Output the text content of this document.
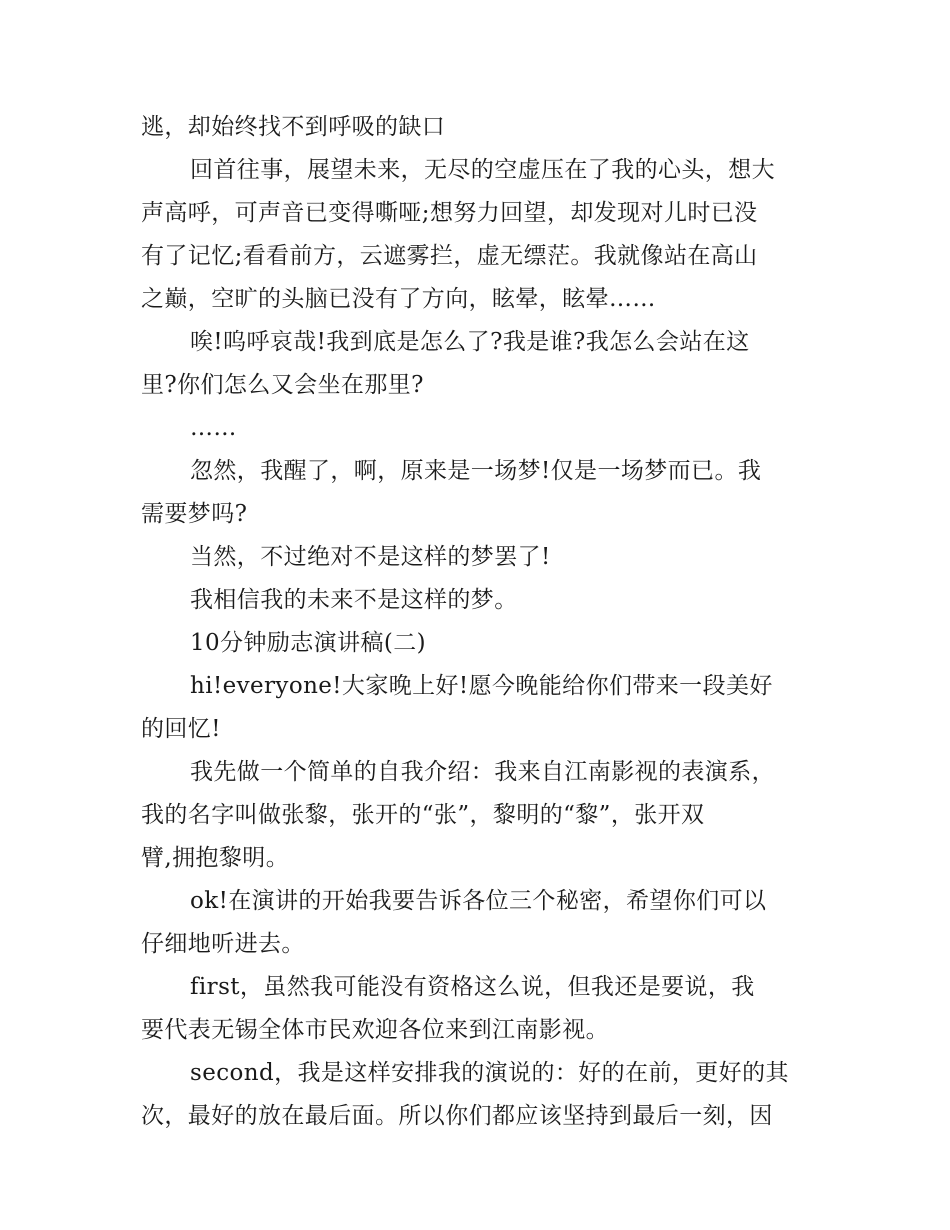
逃，却始终找不到呼吸的缺口
回首往事，展望未来，无尽的空虚压在了我的心头，想大
声高呼，可声音已变得嘶哑;想努力回望，却发现对儿时已没
有了记忆;看看前方，云遮雾拦，虚无缥茫。我就像站在高山
之巅，空旷的头脑已没有了方向，眩晕，眩晕……
唉!呜呼哀哉!我到底是怎么了?我是谁?我怎么会站在这
里?你们怎么又会坐在那里?
……
忽然，我醒了，啊，原来是一场梦!仅是一场梦而已。我
需要梦吗?
当然，不过绝对不是这样的梦罢了!
我相信我的未来不是这样的梦。
10分钟励志演讲稿(二)
hi!everyone!大家晚上好!愿今晚能给你们带来一段美好
的回忆!
我先做一个简单的自我介绍：我来自江南影视的表演系，
我的名字叫做张黎，张开的“张”，黎明的“黎”，张开双
臂,拥抱黎明。
ok!在演讲的开始我要告诉各位三个秘密，希望你们可以
仔细地听进去。
first，虽然我可能没有资格这么说，但我还是要说，我
要代表无锡全体市民欢迎各位来到江南影视。
second，我是这样安排我的演说的：好的在前，更好的其
次，最好的放在最后面。所以你们都应该坚持到最后一刻，因
